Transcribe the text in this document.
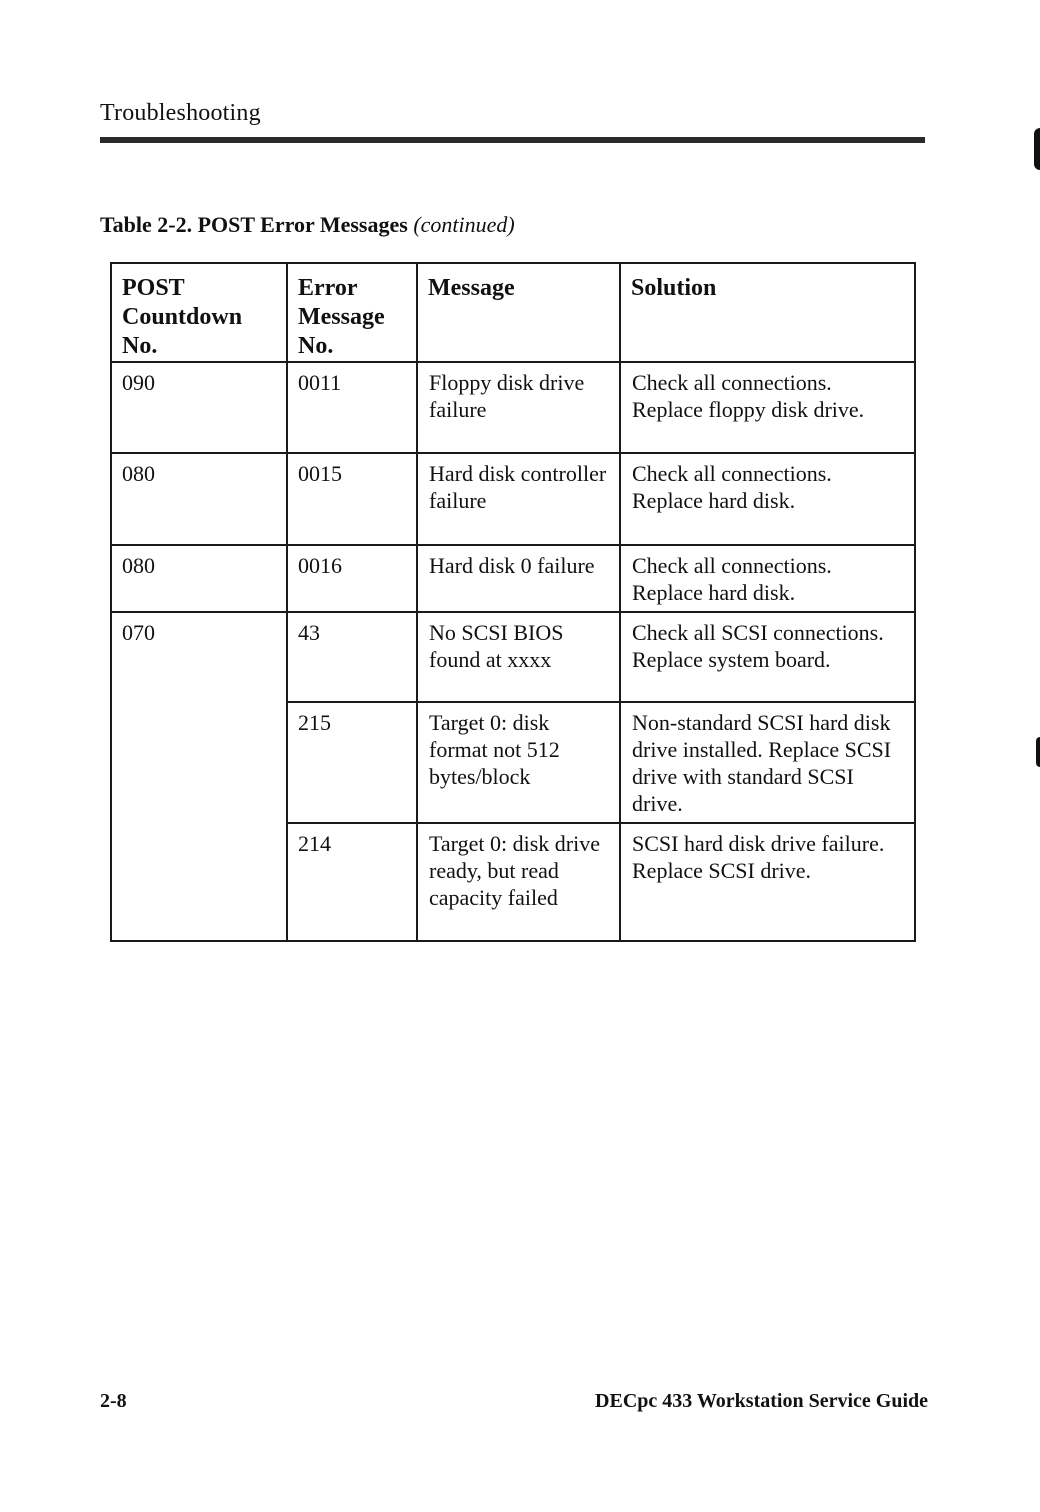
Troubleshooting
Table 2-2. POST Error Messages (continued)
POST Countdown No.	Error Message No.	Message	Solution
090	0011	Floppy disk drive failure	Check all connections. Replace floppy disk drive.
080	0015	Hard disk controller failure	Check all connections. Replace hard disk.
080	0016	Hard disk 0 failure	Check all connections. Replace hard disk.
070	43	No SCSI BIOS found at xxxx	Check all SCSI connections. Replace system board.
	215	Target 0: disk format not 512 bytes/block	Non-standard SCSI hard disk drive installed. Replace SCSI drive with standard SCSI drive.
	214	Target 0: disk drive ready, but read capacity failed	SCSI hard disk drive failure. Replace SCSI drive.
2-8	DECpc 433 Workstation Service Guide
